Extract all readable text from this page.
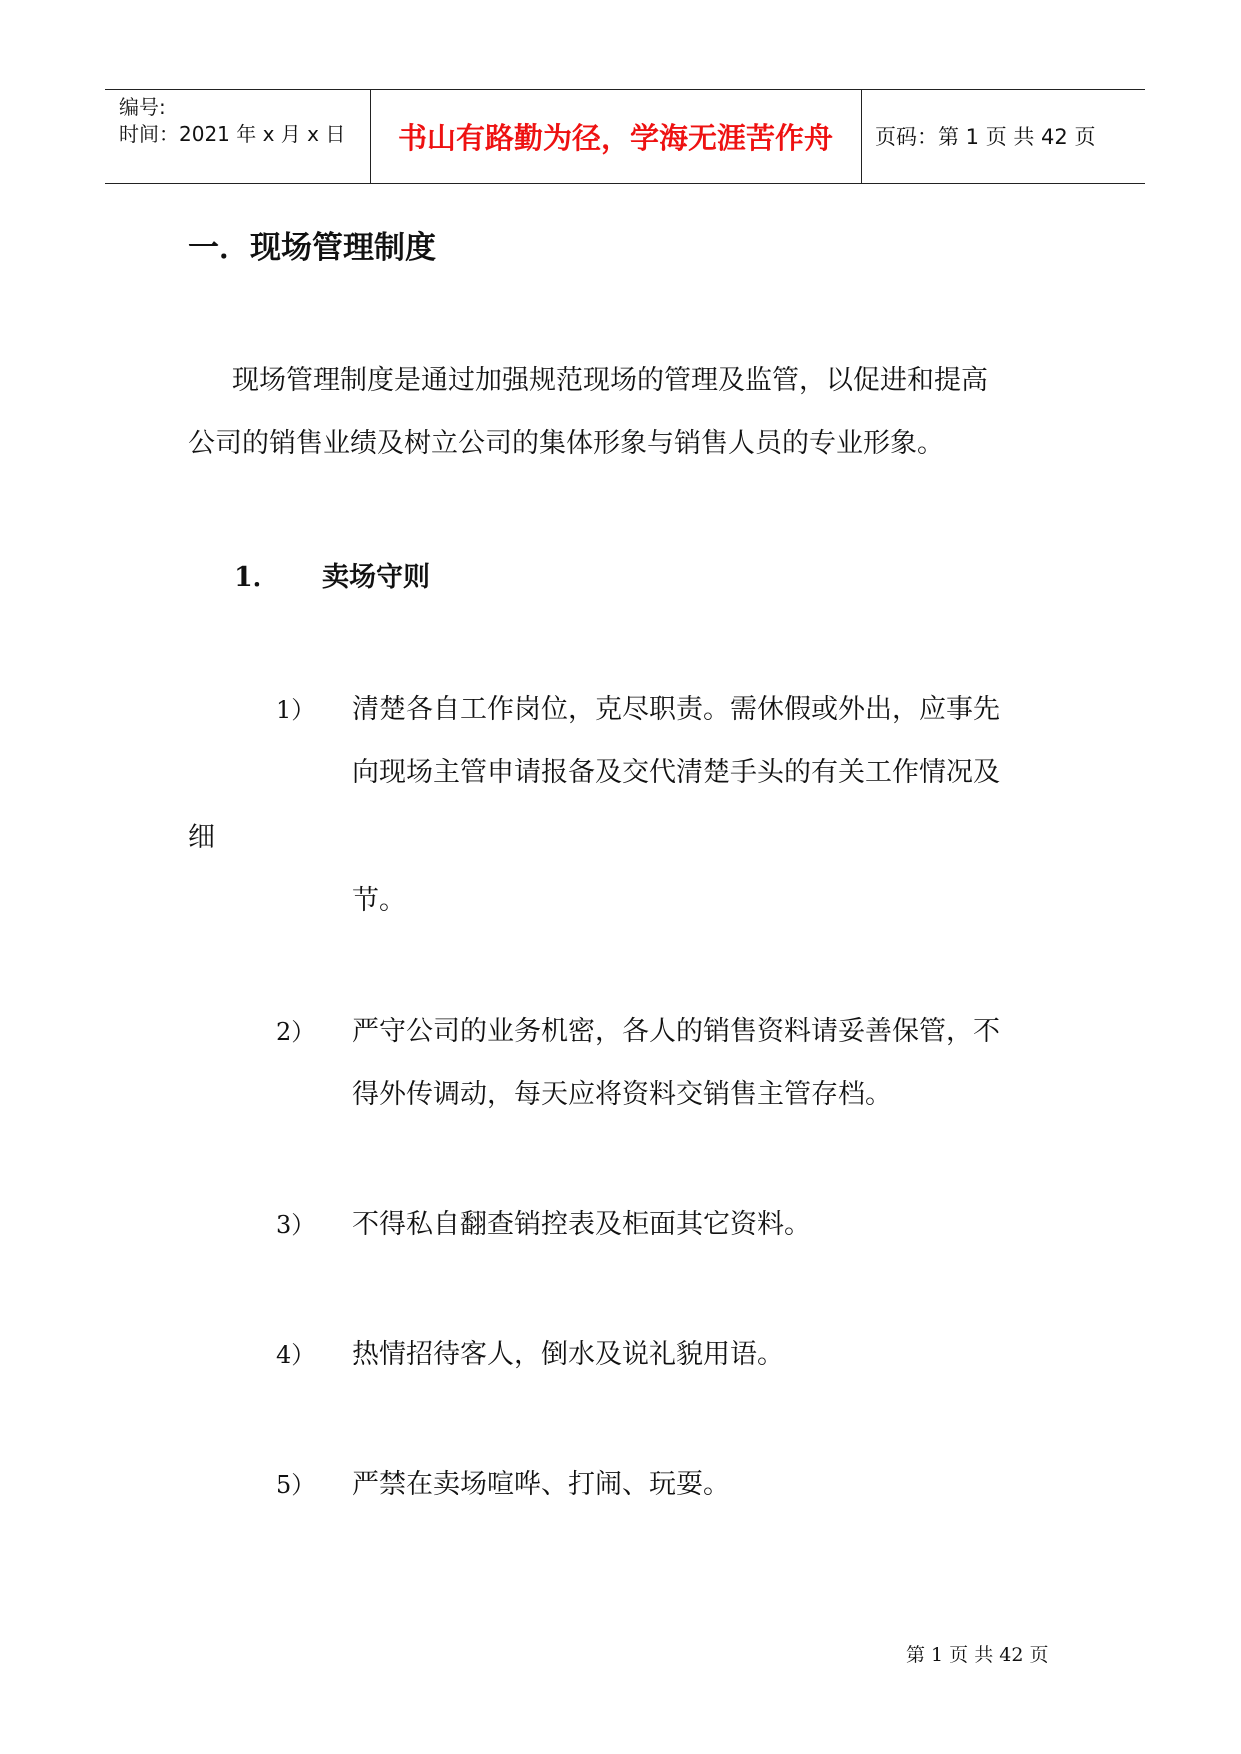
编号:
时间：2021 年 x 月 x 日	书山有路勤为径，学海无涯苦作舟	页码：第 1 页 共 42 页
一．现场管理制度
现场管理制度是通过加强规范现场的管理及监管，以促进和提高
公司的销售业绩及树立公司的集体形象与销售人员的专业形象。
1． 卖场守则
1） 清楚各自工作岗位，克尽职责。需休假或外出，应事先
向现场主管申请报备及交代清楚手头的有关工作情况及
细
节。
2） 严守公司的业务机密，各人的销售资料请妥善保管，不
得外传调动，每天应将资料交销售主管存档。
3） 不得私自翻查销控表及柜面其它资料。
4） 热情招待客人，倒水及说礼貌用语。
5） 严禁在卖场喧哗、打闹、玩耍。
第 1 页 共 42 页
